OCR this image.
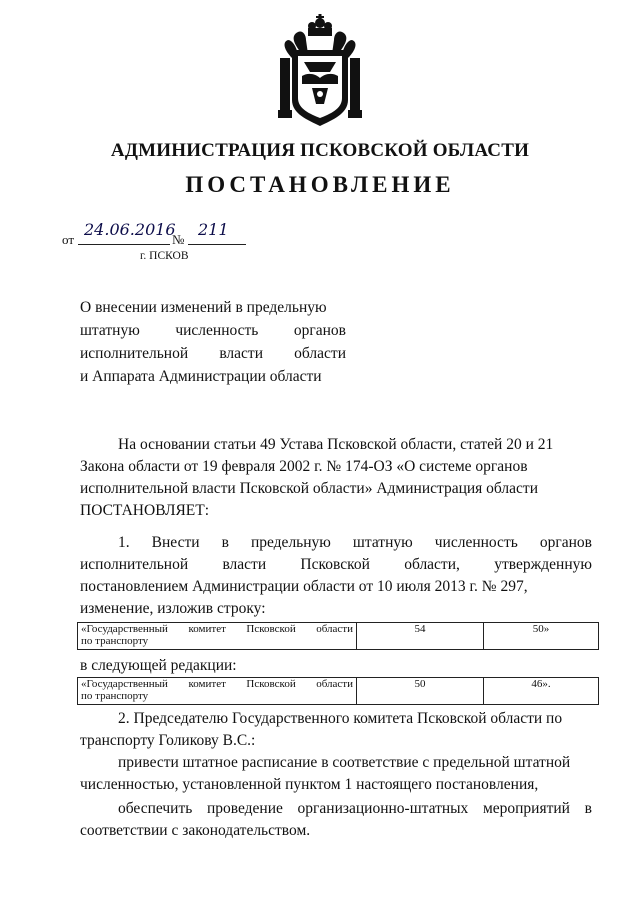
АДМИНИСТРАЦИЯ ПСКОВСКОЙ ОБЛАСТИ
ПОСТАНОВЛЕНИЕ
от
24.06.2016
№
211
г. ПСКОВ
О внесении изменений в предельную
штатную численность органов
исполнительной власти области
и Аппарата Администрации области
На основании статьи 49 Устава Псковской области, статей 20 и 21
Закона области от 19 февраля 2002 г. № 174-ОЗ «О системе органов
исполнительной власти Псковской области» Администрация области
ПОСТАНОВЛЯЕТ:
1. Внести в предельную штатную численность органов
исполнительной власти Псковской области, утвержденную
постановлением Администрации области от 10 июля 2013 г. № 297,
изменение, изложив строку:
«Государственный комитет Псковской области
по транспорту
	54	50»
в следующей редакции:
«Государственный комитет Псковской области
по транспорту
	50	46».
2. Председателю Государственного комитета Псковской области по
транспорту Голикову В.С.:
привести штатное расписание в соответствие с предельной штатной
численностью, установленной пунктом 1 настоящего постановления,
обеспечить проведение организационно-штатных мероприятий в
соответствии с законодательством.
